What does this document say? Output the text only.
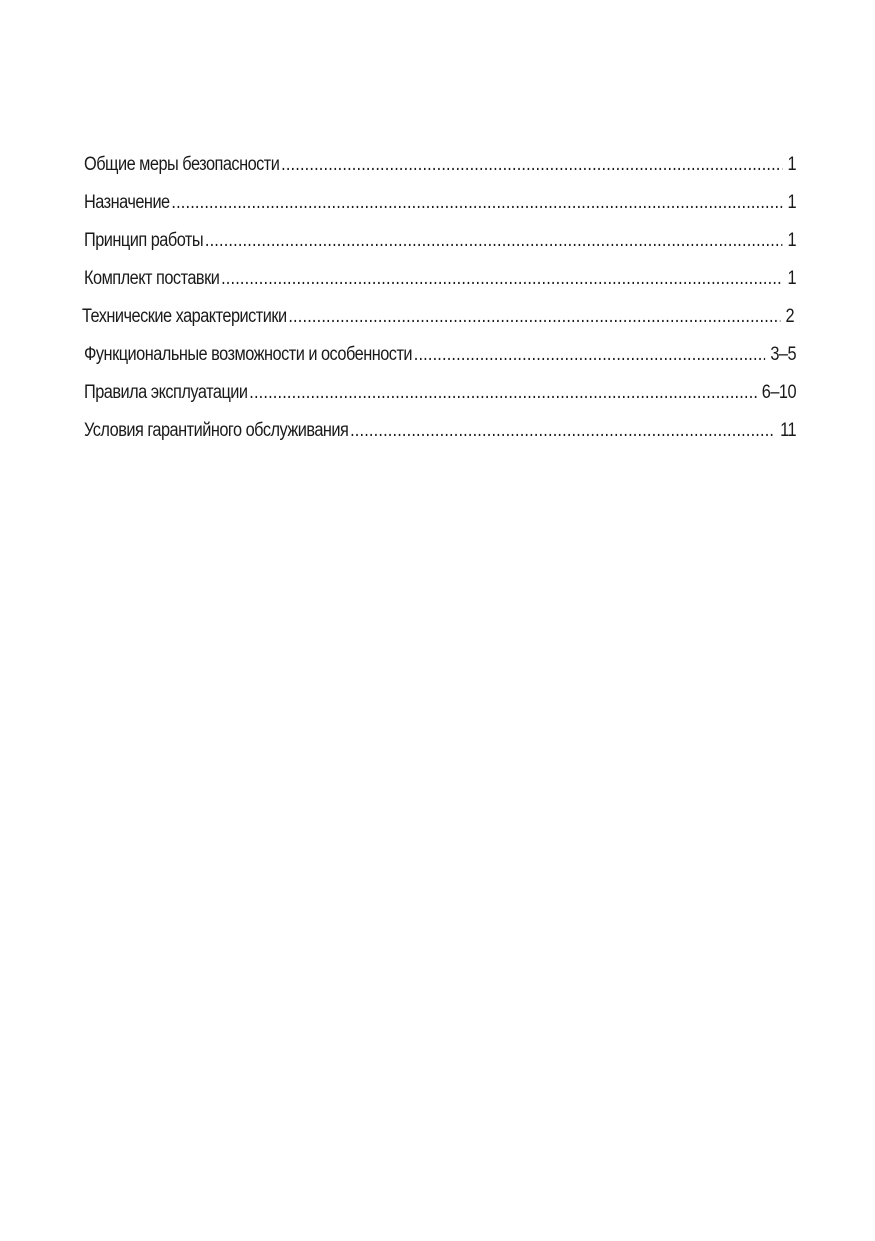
Общие меры безопасности .....	1
Назначение .....	1
Принцип работы .....	1
Комплект поставки .....	1
Технические характеристики .....	2
Функциональные возможности и особенности .....	3–5
Правила эксплуатации .....	6–10
Условия гарантийного обслуживания .....	11
